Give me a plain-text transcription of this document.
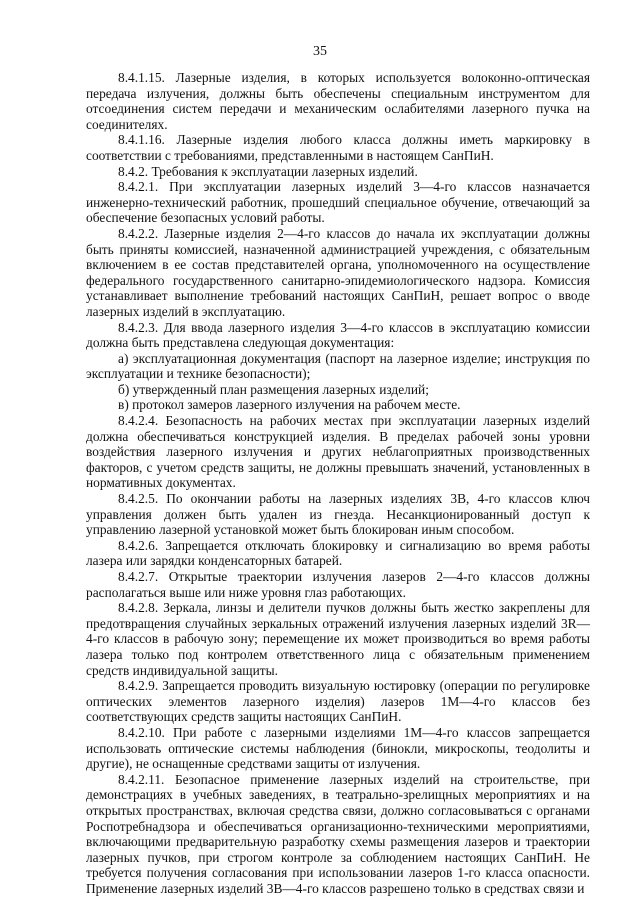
35

8.4.1.15. Лазерные изделия, в которых используется волоконно-оптическая передача излучения, должны быть обеспечены специальным инструментом для отсоединения систем передачи и механическим ослабителями лазерного пучка на соединителях.

8.4.1.16. Лазерные изделия любого класса должны иметь маркировку в соответствии с требованиями, представленными в настоящем СанПиН.

8.4.2. Требования к эксплуатации лазерных изделий.

8.4.2.1. При эксплуатации лазерных изделий 3—4-го классов назначается инженерно-технический работник, прошедший специальное обучение, отвечающий за обеспечение безопасных условий работы.

8.4.2.2. Лазерные изделия 2—4-го классов до начала их эксплуатации должны быть приняты комиссией, назначенной администрацией учреждения, с обязательным включением в ее состав представителей органа, уполномоченного на осуществление федерального государственного санитарно-эпидемиологического надзора. Комиссия устанавливает выполнение требований настоящих СанПиН, решает вопрос о вводе лазерных изделий в эксплуатацию.

8.4.2.3. Для ввода лазерного изделия 3—4-го классов в эксплуатацию комиссии должна быть представлена следующая документация:

а) эксплуатационная документация (паспорт на лазерное изделие; инструкция по эксплуатации и технике безопасности);

б) утвержденный план размещения лазерных изделий;

в) протокол замеров лазерного излучения на рабочем месте.

8.4.2.4. Безопасность на рабочих местах при эксплуатации лазерных изделий должна обеспечиваться конструкцией изделия. В пределах рабочей зоны уровни воздействия лазерного излучения и других неблагоприятных производственных факторов, с учетом средств защиты, не должны превышать значений, установленных в нормативных документах.

8.4.2.5. По окончании работы на лазерных изделиях 3В, 4-го классов ключ управления должен быть удален из гнезда. Несанкционированный доступ к управлению лазерной установкой может быть блокирован иным способом.

8.4.2.6. Запрещается отключать блокировку и сигнализацию во время работы лазера или зарядки конденсаторных батарей.

8.4.2.7. Открытые траектории излучения лазеров 2—4-го классов должны располагаться выше или ниже уровня глаз работающих.

8.4.2.8. Зеркала, линзы и делители пучков должны быть жестко закреплены для предотвращения случайных зеркальных отражений излучения лазерных изделий 3R—4-го классов в рабочую зону; перемещение их может производиться во время работы лазера только под контролем ответственного лица с обязательным применением средств индивидуальной защиты.

8.4.2.9. Запрещается проводить визуальную юстировку (операции по регулировке оптических элементов лазерного изделия) лазеров 1М—4-го классов без соответствующих средств защиты настоящих СанПиН.

8.4.2.10. При работе с лазерными изделиями 1М—4-го классов запрещается использовать оптические системы наблюдения (бинокли, микроскопы, теодолиты и другие), не оснащенные средствами защиты от излучения.

8.4.2.11. Безопасное применение лазерных изделий на строительстве, при демонстрациях в учебных заведениях, в театрально-зрелищных мероприятиях и на открытых пространствах, включая средства связи, должно согласовываться с органами Роспотребнадзора и обеспечиваться организационно-техническими мероприятиями, включающими предварительную разработку схемы размещения лазеров и траектории лазерных пучков, при строгом контроле за соблюдением настоящих СанПиН. Не требуется получения согласования при использовании лазеров 1-го класса опасности. Применение лазерных изделий 3В—4-го классов разрешено только в средствах связи и
